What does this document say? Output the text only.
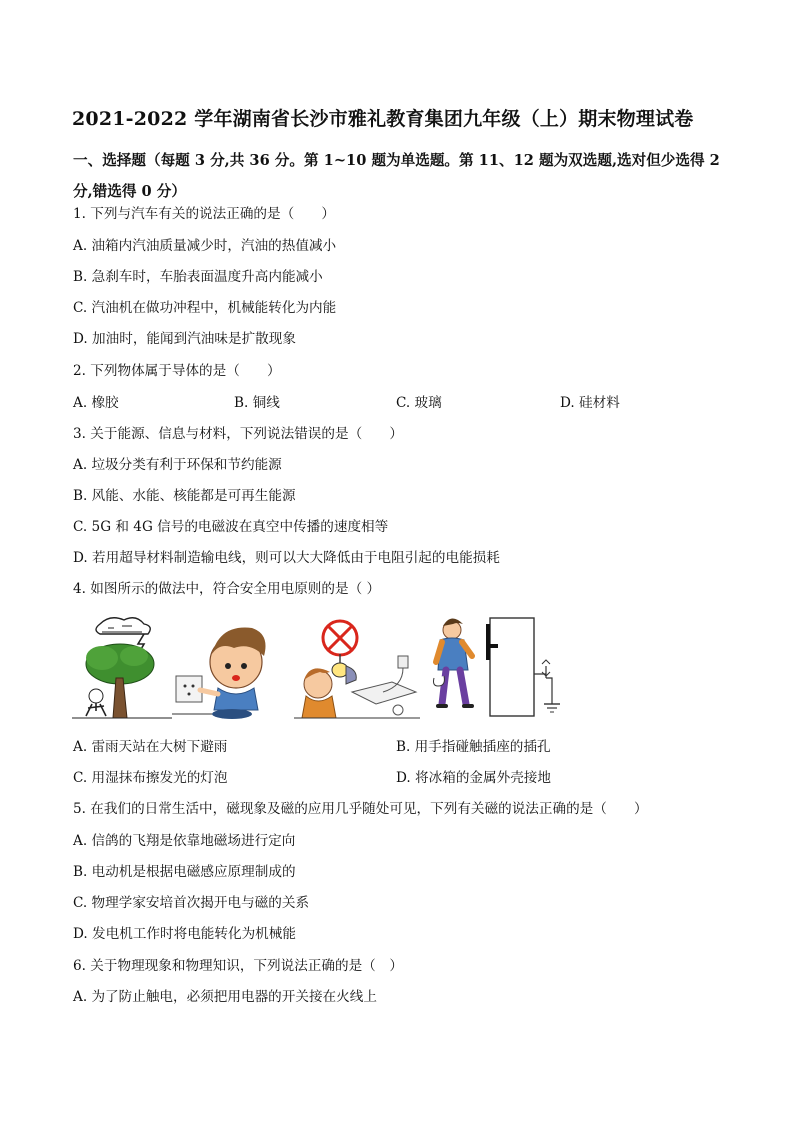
2021-2022 学年湖南省长沙市雅礼教育集团九年级（上）期末物理试卷
一、选择题（每题 3 分,共 36 分。第 1~10 题为单选题。第 11、12 题为双选题,选对但少选得 2 分,错选得 0 分）
1. 下列与汽车有关的说法正确的是（　　）
A. 油箱内汽油质量减少时，汽油的热值减小
B. 急刹车时，车胎表面温度升高内能减小
C. 汽油机在做功冲程中，机械能转化为内能
D. 加油时，能闻到汽油味是扩散现象
2. 下列物体属于导体的是（　　）
A. 橡胶	B. 铜线	C. 玻璃	D. 硅材料
3. 关于能源、信息与材料，下列说法错误的是（　　）
A. 垃圾分类有利于环保和节约能源
B. 风能、水能、核能都是可再生能源
C. 5G 和 4G 信号的电磁波在真空中传播的速度相等
D. 若用超导材料制造输电线，则可以大大降低由于电阻引起的电能损耗
4. 如图所示的做法中，符合安全用电原则的是（ ）
A. 雷雨天站在大树下避雨	B. 用手指碰触插座的插孔
C. 用湿抹布擦发光的灯泡	D. 将冰箱的金属外壳接地
5. 在我们的日常生活中，磁现象及磁的应用几乎随处可见，下列有关磁的说法正确的是（　　）
A. 信鸽的飞翔是依靠地磁场进行定向
B. 电动机是根据电磁感应原理制成的
C. 物理学家安培首次揭开电与磁的关系
D. 发电机工作时将电能转化为机械能
6. 关于物理现象和物理知识，下列说法正确的是（　）
A. 为了防止触电，必须把用电器的开关接在火线上
